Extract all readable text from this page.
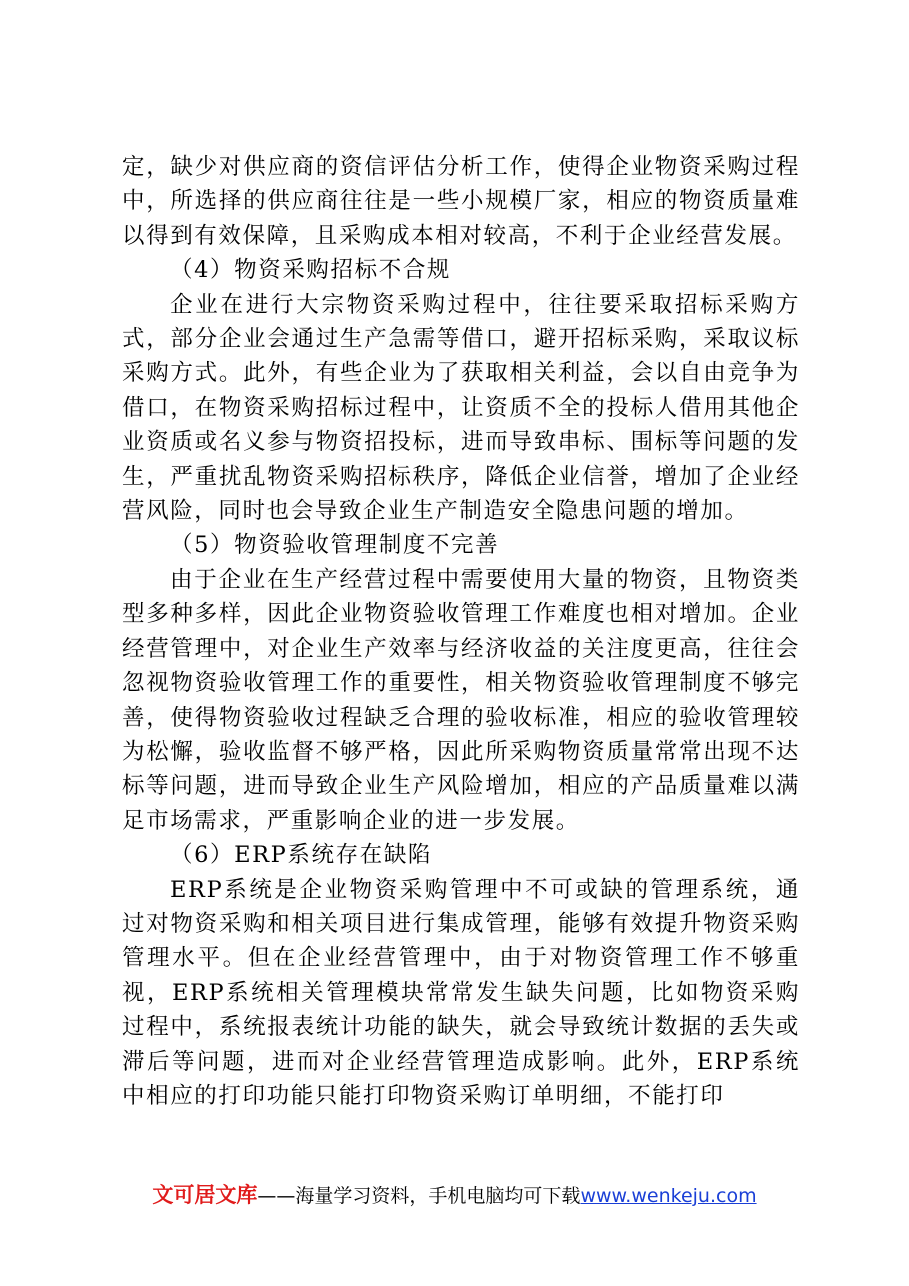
定，缺少对供应商的资信评估分析工作，使得企业物资采购过程中，所选择的供应商往往是一些小规模厂家，相应的物资质量难以得到有效保障，且采购成本相对较高，不利于企业经营发展。

（4）物资采购招标不合规

企业在进行大宗物资采购过程中，往往要采取招标采购方式，部分企业会通过生产急需等借口，避开招标采购，采取议标采购方式。此外，有些企业为了获取相关利益，会以自由竞争为借口，在物资采购招标过程中，让资质不全的投标人借用其他企业资质或名义参与物资招投标，进而导致串标、围标等问题的发生，严重扰乱物资采购招标秩序，降低企业信誉，增加了企业经营风险，同时也会导致企业生产制造安全隐患问题的增加。

（5）物资验收管理制度不完善

由于企业在生产经营过程中需要使用大量的物资，且物资类型多种多样，因此企业物资验收管理工作难度也相对增加。企业经营管理中，对企业生产效率与经济收益的关注度更高，往往会忽视物资验收管理工作的重要性，相关物资验收管理制度不够完善，使得物资验收过程缺乏合理的验收标准，相应的验收管理较为松懈，验收监督不够严格，因此所采购物资质量常常出现不达标等问题，进而导致企业生产风险增加，相应的产品质量难以满足市场需求，严重影响企业的进一步发展。

（6）ERP系统存在缺陷

ERP系统是企业物资采购管理中不可或缺的管理系统，通过对物资采购和相关项目进行集成管理，能够有效提升物资采购管理水平。但在企业经营管理中，由于对物资管理工作不够重视，ERP系统相关管理模块常常发生缺失问题，比如物资采购过程中，系统报表统计功能的缺失，就会导致统计数据的丢失或滞后等问题，进而对企业经营管理造成影响。此外，ERP系统中相应的打印功能只能打印物资采购订单明细，不能打印

文可居文库——海量学习资料，手机电脑均可下载www.wenkeju.com
